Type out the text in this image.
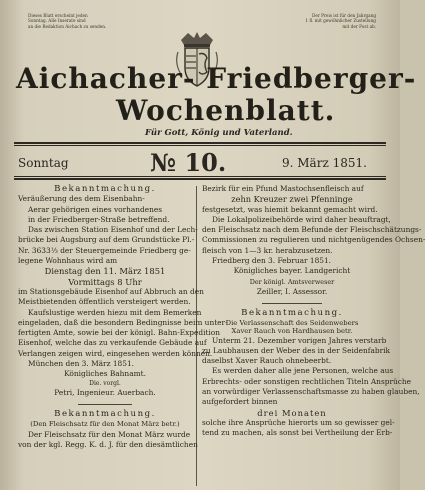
Dieses Blatt erscheint jeden
Sonntag. Alle Inserate sind
an die Redaktion Aichach zu senden.
Der Preis ist für den Jahrgang
1 fl. mit gewöhnlicher Zustellung
mit der Post ab.
Aichacher- Friedberger-
Wochenblatt.
Für Gott, König und Vaterland.
Sonntag	№ 10.	9. März 1851.
Bekanntmachung.
Veräußerung des dem Eisenbahn-
Aerar gehörigen eines vorhandenes
in der Friedberger-Straße betreffend.
Das zwischen Station Eisenhof und der Lech-
brücke bei Augsburg auf dem Grundstücke Pl.-
Nr. 3633⅓ der Steuergemeinde Friedberg ge-
legene Wohnhaus wird am
Dienstag den 11. März 1851
Vormittags 8 Uhr
im Stationsgebäude Eisenhof auf Abbruch an den
Meistbietenden öffentlich versteigert werden.
Kaufslustige werden hiezu mit dem Bemerken
eingeladen, daß die besondern Bedingnisse beim unter-
fertigten Amte, sowie bei der königl. Bahn-Expedition
Eisenhof, welche das zu verkaufende Gebäude auf
Verlangen zeigen wird, eingesehen werden können.
München den 3. März 1851.
Königliches Bahnamt.
Die. vorgl.
Petri, Ingenieur. Auerbach.
Bekanntmachung.
(Den Fleischsatz für den Monat März betr.)
Der Fleischsatz für den Monat März wurde
von der kgl. Regg. K. d. J. für den diesämtlichen
Bezirk für ein Pfund Mastochsenfleisch auf
zehn Kreuzer zwei Pfenninge
festgesetzt, was hiemit bekannt gemacht wird.
Die Lokalpolizeibehörde wird daher beauftragt,
den Fleischsatz nach dem Befunde der Fleischschätzungs-
Commissionen zu regulieren und nichtgenügendes Ochsen-
fleisch von 1—3 kr. herabzusetzen.
Friedberg den 3. Februar 1851.
Königliches bayer. Landgericht
Der königl. Amtsverweser
Zeiller, I. Assessor.
Bekanntmachung.
Die Verlassenschaft des Seidenwebers
Xaver Rauch von Hardhausen betr.
Unterm 21. Dezember vorigen Jahres verstarb
zu Laubhausen der Weber des in der Seidenfabrik
daselbst Xaver Rauch ohnebeerbt.
Es werden daher alle jene Personen, welche aus
Erbrechts- oder sonstigen rechtlichen Titeln Ansprüche
an vorwürdiger Verlassenschaftsmasse zu haben glauben,
aufgefordert binnen
drei Monaten
solche ihre Ansprüche hierorts um so gewisser gel-
tend zu machen, als sonst bei Vertheilung der Erb-
